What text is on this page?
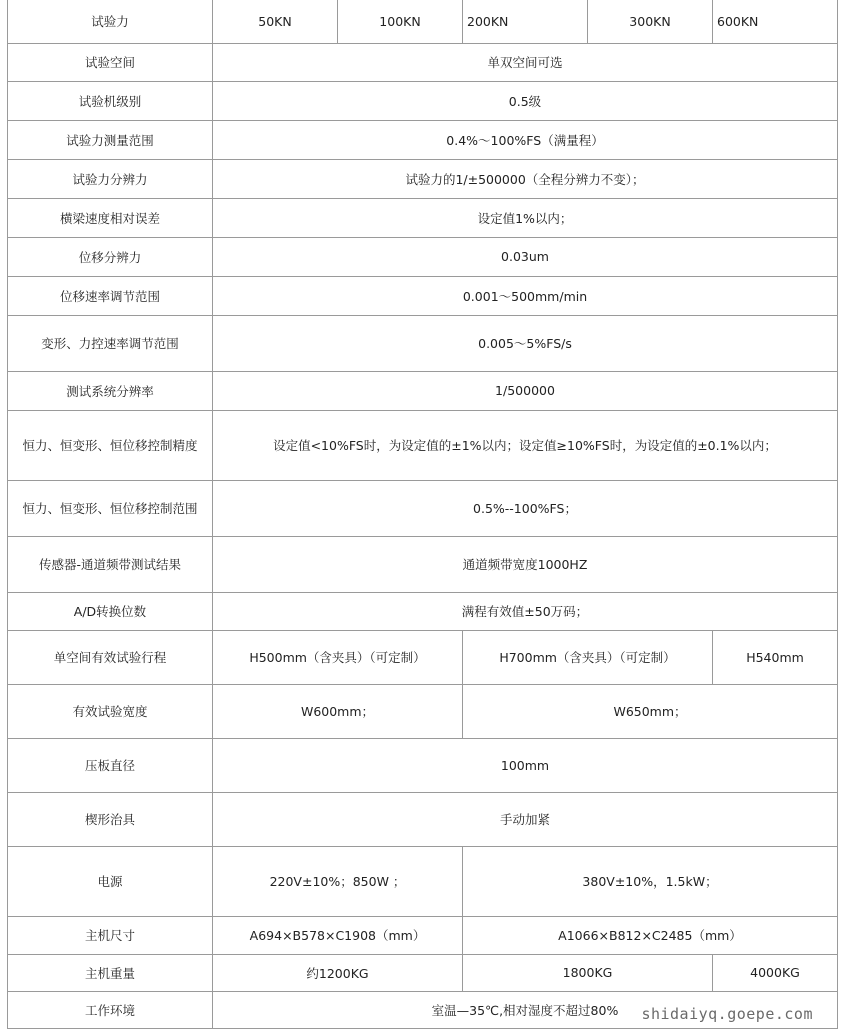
试验力	50KN	100KN	200KN	300KN	600KN
试验空间	单双空间可选				
试验机级别	0.5级				
试验力测量范围	0.4%～100%FS（满量程）				
试验力分辨力	试验力的1/±500000（全程分辨力不变）；				
横梁速度相对误差	设定值1%以内；				
位移分辨力	0.03um				
位移速率调节范围	0.001～500mm/min				
变形、力控速率调节范围	0.005～5%FS/s				
测试系统分辨率	1/500000				
恒力、恒变形、恒位移控制精度	设定值<10%FS时，为设定值的±1%以内；设定值≥10%FS时，为设定值的±0.1%以内；				
恒力、恒变形、恒位移控制范围	0.5%--100%FS；				
传感器-通道频带测试结果	通道频带宽度1000HZ				
A/D转换位数	满程有效值±50万码；				
单空间有效试验行程	H500mm（含夹具）（可定制）		H700mm（含夹具）（可定制）		H540mm
有效试验宽度	W600mm；		W650mm；		
压板直径	100mm				
楔形治具	手动加紧				
电源	220V±10%；850W ；		380V±10%，1.5kW；		
主机尺寸	A694×B578×C1908（mm）		A1066×B812×C2485（mm）		
主机重量	约1200KG		1800KG		4000KG
工作环境	室温—35℃,相对湿度不超过80%				shidaiyq.goepe.com
